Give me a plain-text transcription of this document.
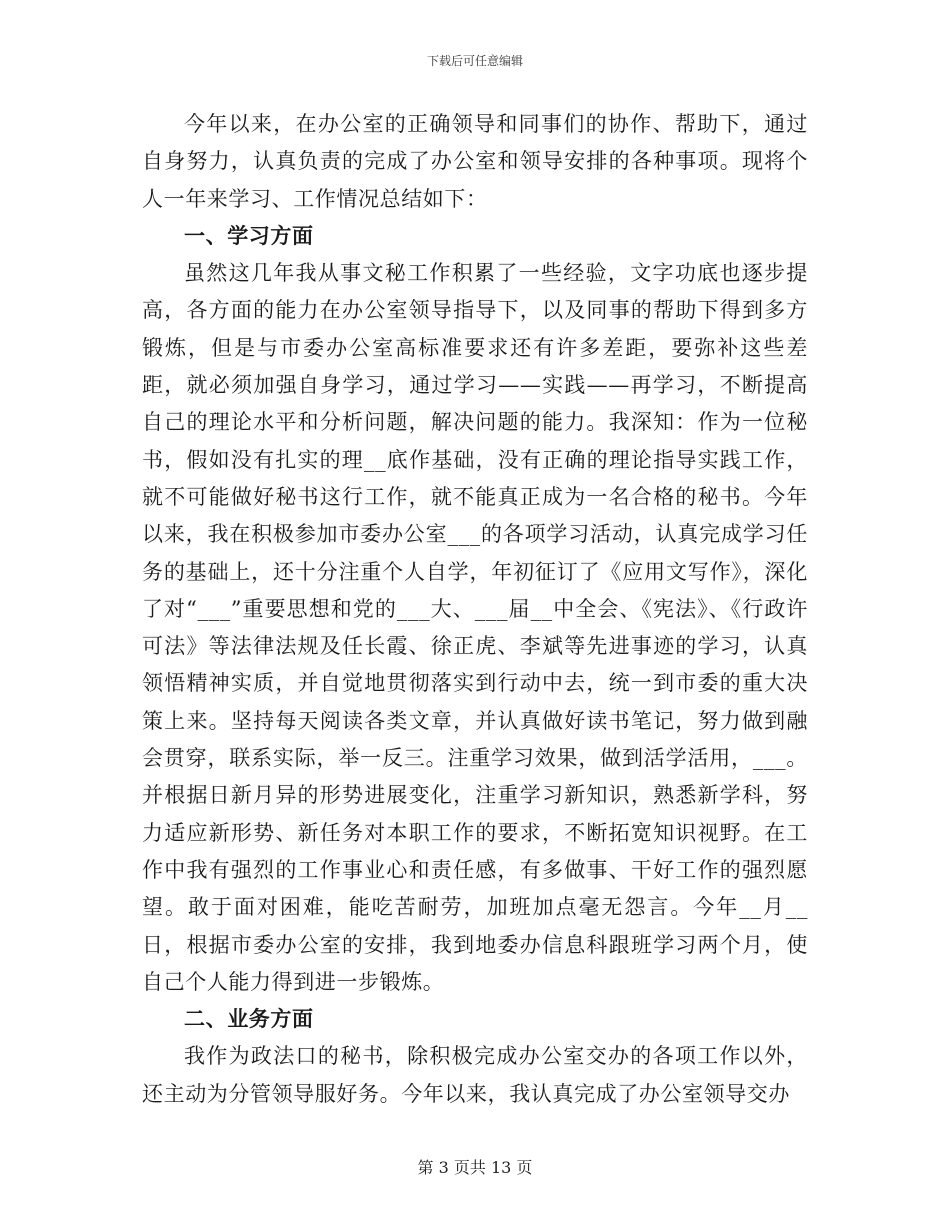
下载后可任意编辑

今年以来，在办公室的正确领导和同事们的协作、帮助下，通过自身努力，认真负责的完成了办公室和领导安排的各种事项。现将个人一年来学习、工作情况总结如下：

一、学习方面

虽然这几年我从事文秘工作积累了一些经验，文字功底也逐步提高，各方面的能力在办公室领导指导下，以及同事的帮助下得到多方锻炼，但是与市委办公室高标准要求还有许多差距，要弥补这些差距，就必须加强自身学习，通过学习——实践——再学习，不断提高自己的理论水平和分析问题，解决问题的能力。我深知：作为一位秘书，假如没有扎实的理__底作基础，没有正确的理论指导实践工作，就不可能做好秘书这行工作，就不能真正成为一名合格的秘书。今年以来，我在积极参加市委办公室___的各项学习活动，认真完成学习任务的基础上，还十分注重个人自学，年初征订了《应用文写作》，深化了对“___”重要思想和党的___大、___届__中全会、《宪法》、《行政许可法》等法律法规及任长霞、徐正虎、李斌等先进事迹的学习，认真领悟精神实质，并自觉地贯彻落实到行动中去，统一到市委的重大决策上来。坚持每天阅读各类文章，并认真做好读书笔记，努力做到融会贯穿，联系实际，举一反三。注重学习效果，做到活学活用，___。并根据日新月异的形势进展变化，注重学习新知识，熟悉新学科，努力适应新形势、新任务对本职工作的要求，不断拓宽知识视野。在工作中我有强烈的工作事业心和责任感，有多做事、干好工作的强烈愿望。敢于面对困难，能吃苦耐劳，加班加点毫无怨言。今年__月__日，根据市委办公室的安排，我到地委办信息科跟班学习两个月，使自己个人能力得到进一步锻炼。

二、业务方面

我作为政法口的秘书，除积极完成办公室交办的各项工作以外，还主动为分管领导服好务。今年以来，我认真完成了办公室领导交办

第 3 页共 13 页
